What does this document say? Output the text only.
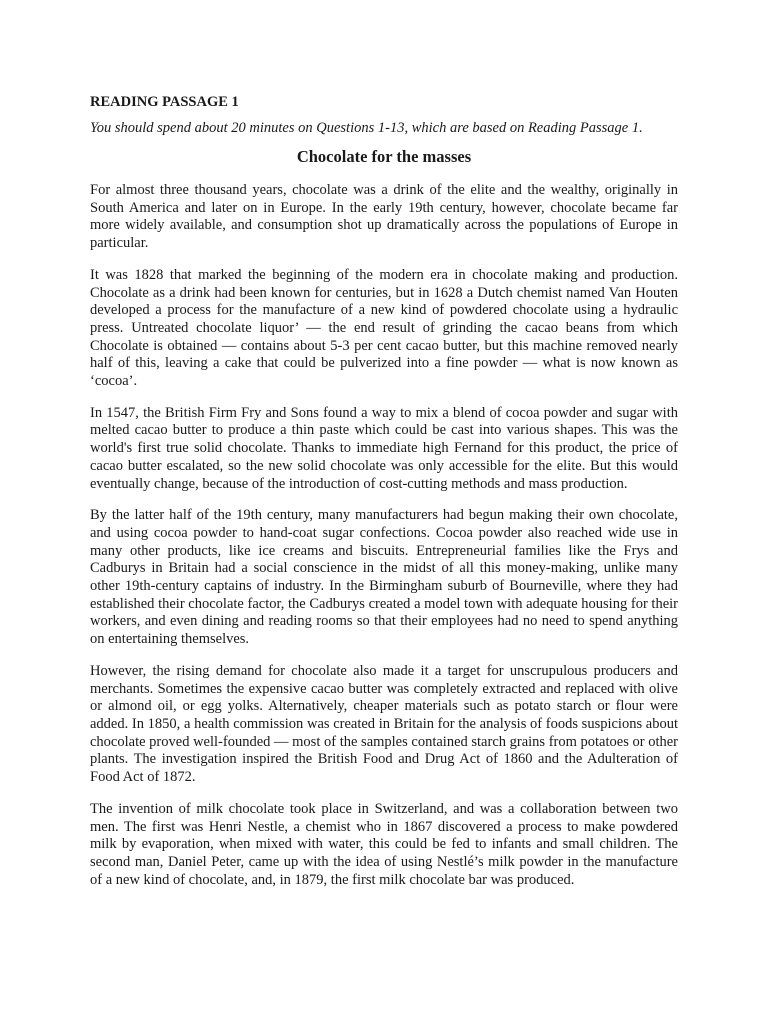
READING PASSAGE 1

You should spend about 20 minutes on Questions 1-13, which are based on Reading Passage 1.

Chocolate for the masses

For almost three thousand years, chocolate was a drink of the elite and the wealthy, originally in South America and later on in Europe. In the early 19th century, however, chocolate became far more widely available, and consumption shot up dramatically across the populations of Europe in particular.

It was 1828 that marked the beginning of the modern era in chocolate making and production. Chocolate as a drink had been known for centuries, but in 1628 a Dutch chemist named Van Houten developed a process for the manufacture of a new kind of powdered chocolate using a hydraulic press. Untreated chocolate liquor’ — the end result of grinding the cacao beans from which Chocolate is obtained — contains about 5-3 per cent cacao butter, but this machine removed nearly half of this, leaving a cake that could be pulverized into a fine powder — what is now known as ‘cocoa’.

In 1547, the British Firm Fry and Sons found a way to mix a blend of cocoa powder and sugar with melted cacao butter to produce a thin paste which could be cast into various shapes. This was the world's first true solid chocolate. Thanks to immediate high Fernand for this product, the price of cacao butter escalated, so the new solid chocolate was only accessible for the elite. But this would eventually change, because of the introduction of cost-cutting methods and mass production.

By the latter half of the 19th century, many manufacturers had begun making their own chocolate, and using cocoa powder to hand-coat sugar confections. Cocoa powder also reached wide use in many other products, like ice creams and biscuits. Entrepreneurial families like the Frys and Cadburys in Britain had a social conscience in the midst of all this money-making, unlike many other 19th-century captains of industry. In the Birmingham suburb of Bourneville, where they had established their chocolate factor, the Cadburys created a model town with adequate housing for their workers, and even dining and reading rooms so that their employees had no need to spend anything on entertaining themselves.

However, the rising demand for chocolate also made it a target for unscrupulous producers and merchants. Sometimes the expensive cacao butter was completely extracted and replaced with olive or almond oil, or egg yolks. Alternatively, cheaper materials such as potato starch or flour were added. In 1850, a health commission was created in Britain for the analysis of foods suspicions about chocolate proved well-founded — most of the samples contained starch grains from potatoes or other plants. The investigation inspired the British Food and Drug Act of 1860 and the Adulteration of Food Act of 1872.

The invention of milk chocolate took place in Switzerland, and was a collaboration between two men. The first was Henri Nestle, a chemist who in 1867 discovered a process to make powdered milk by evaporation, when mixed with water, this could be fed to infants and small children. The second man, Daniel Peter, came up with the idea of using Nestlé’s milk powder in the manufacture of a new kind of chocolate, and, in 1879, the first milk chocolate bar was produced.
